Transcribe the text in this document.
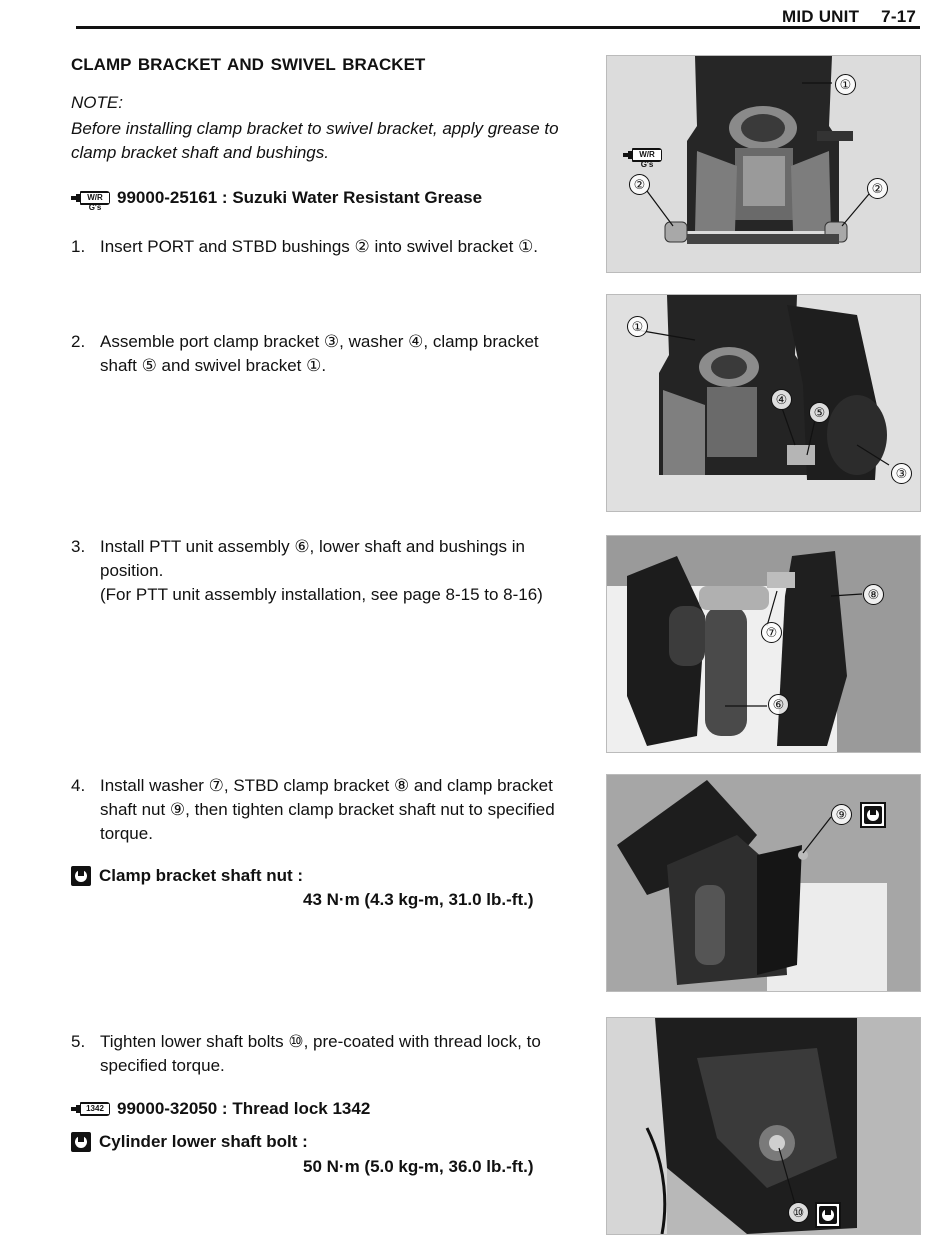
MID UNIT 7-17
CLAMP BRACKET AND SWIVEL BRACKET
NOTE:
Before installing clamp bracket to swivel bracket, apply grease to clamp bracket shaft and bushings.
W/R G's
99000-25161 : Suzuki Water Resistant Grease
1. Insert PORT and STBD bushings ② into swivel bracket ①.
2. Assemble port clamp bracket ③, washer ④, clamp bracket shaft ⑤ and swivel bracket ①.
3. Install PTT unit assembly ⑥, lower shaft and bushings in position.
(For PTT unit assembly installation, see page 8-15 to 8-16)
4. Install washer ⑦, STBD clamp bracket ⑧ and clamp bracket shaft nut ⑨, then tighten clamp bracket shaft nut to specified torque.
Clamp bracket shaft nut :
43 N·m (4.3 kg-m, 31.0 lb.-ft.)
5. Tighten lower shaft bolts ⑩, pre-coated with thread lock, to specified torque.
1342 99000-32050 : Thread lock 1342
Cylinder lower shaft bolt :
50 N·m (5.0 kg-m, 36.0 lb.-ft.)
①
②	②
W/R G's
①
④
⑤
③
⑧
⑦
⑥
⑨
⑩
